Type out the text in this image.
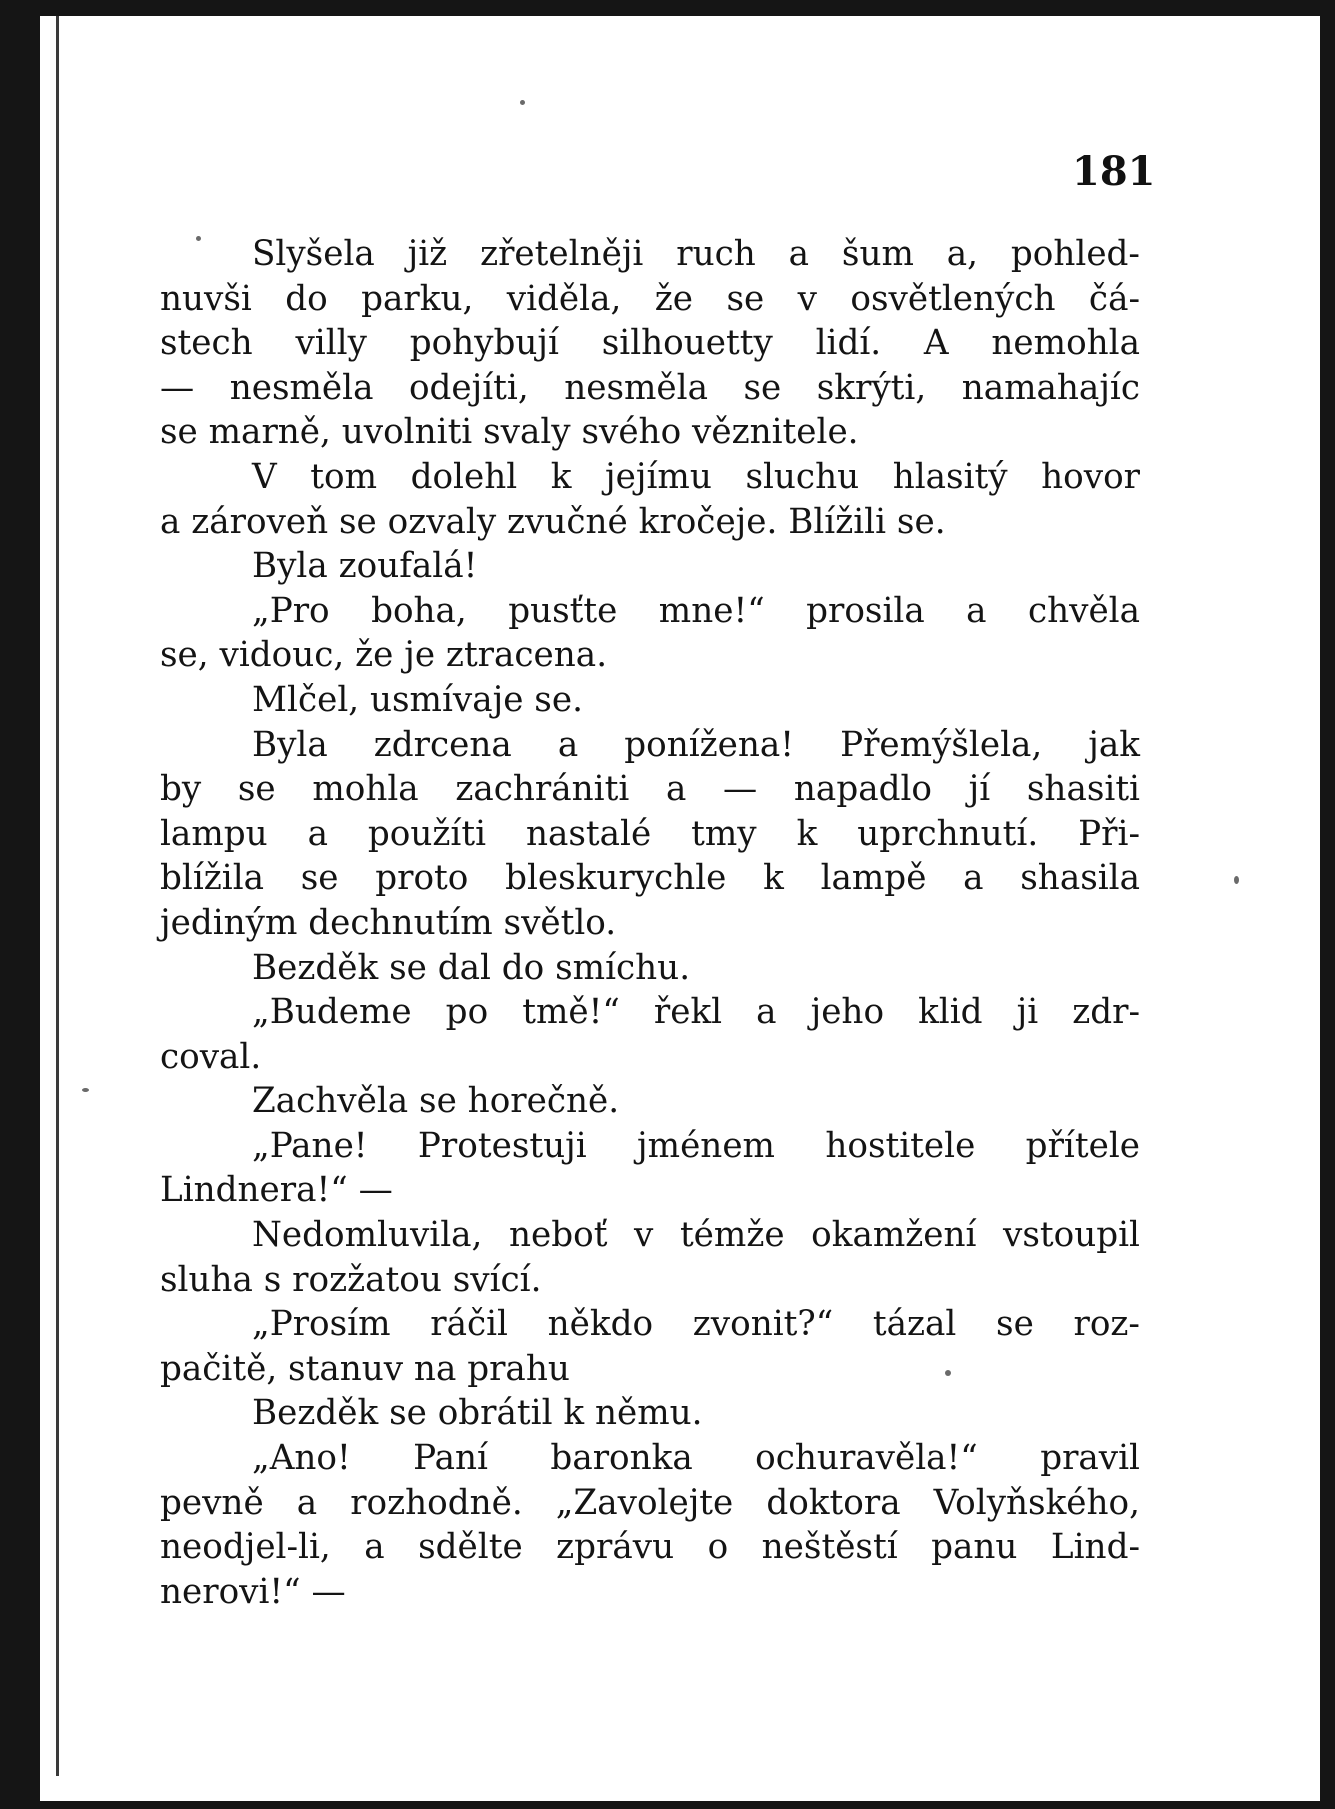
181
Slyšela již zřetelněji ruch a šum a, pohled-
nuvši do parku, viděla, že se v osvětlených čá-
stech villy pohybují silhouetty lidí. A nemohla
— nesměla odejíti, nesměla se skrýti, namahajíc
se marně, uvolniti svaly svého věznitele.
V tom dolehl k jejímu sluchu hlasitý hovor
a zároveň se ozvaly zvučné kročeje. Blížili se.
Byla zoufalá!
„Pro boha, pusťte mne!“ prosila a chvěla
se, vidouc, že je ztracena.
Mlčel, usmívaje se.
Byla zdrcena a ponížena! Přemýšlela, jak
by se mohla zachrániti a — napadlo jí shasiti
lampu a použíti nastalé tmy k uprchnutí. Při-
blížila se proto bleskurychle k lampě a shasila
jediným dechnutím světlo.
Bezděk se dal do smíchu.
„Budeme po tmě!“ řekl a jeho klid ji zdr-
coval.
Zachvěla se horečně.
„Pane! Protestuji jménem hostitele přítele
Lindnera!“ —
Nedomluvila, neboť v témže okamžení vstoupil
sluha s rozžatou svící.
„Prosím ráčil někdo zvonit?“ tázal se roz-
pačitě, stanuv na prahu
Bezděk se obrátil k němu.
„Ano! Paní baronka ochuravěla!“ pravil
pevně a rozhodně. „Zavolejte doktora Volyňského,
neodjel-li, a sdělte zprávu o neštěstí panu Lind-
nerovi!“ —
